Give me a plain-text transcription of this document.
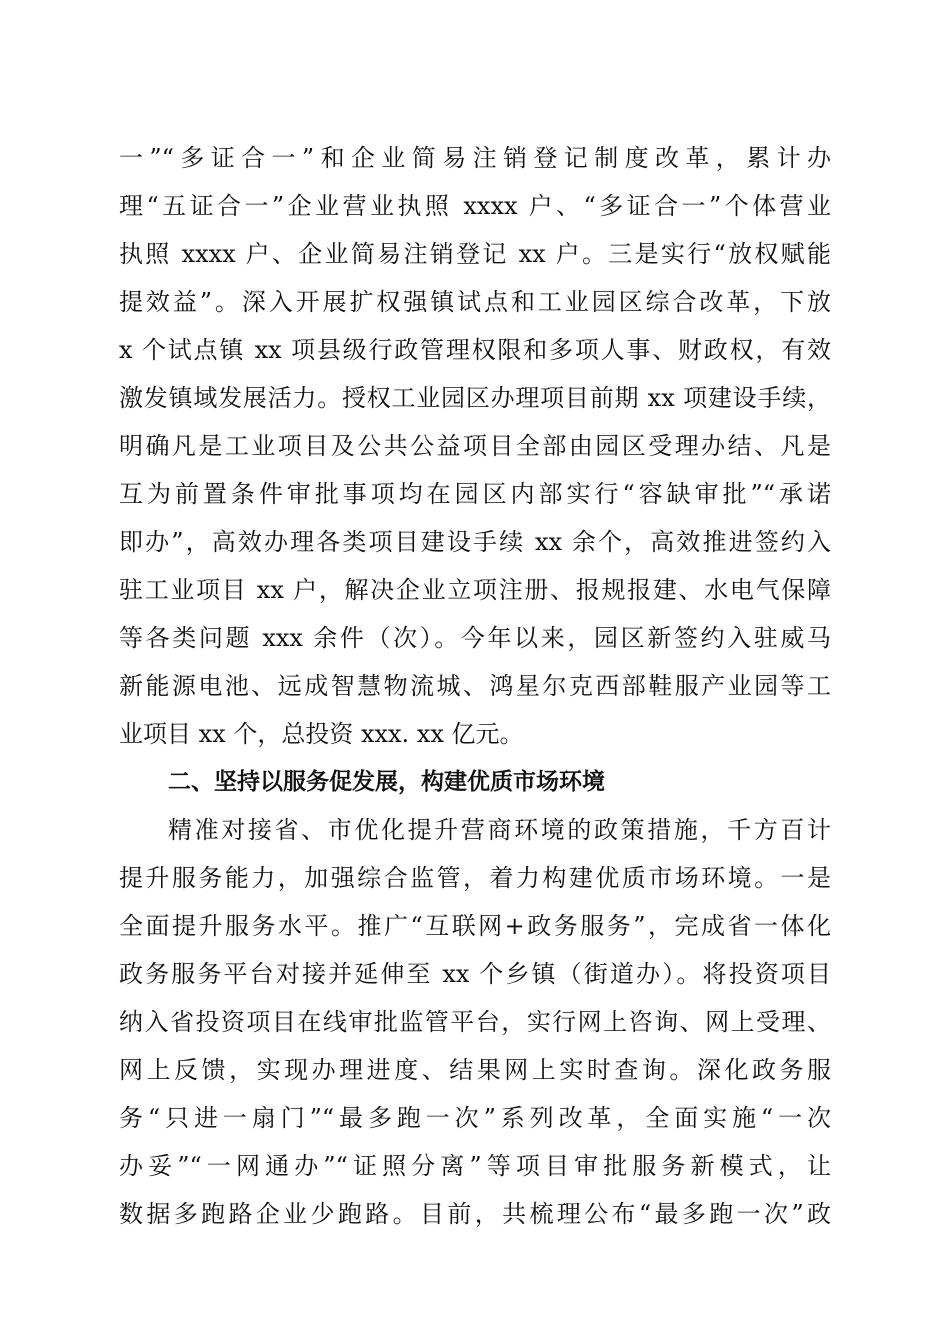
一”“多证合一”和企业简易注销登记制度改革，累计办
理“五证合一”企业营业执照 xxxx 户、“多证合一”个体营业
执照 xxxx 户、企业简易注销登记 xx 户。三是实行“放权赋能
提效益”。深入开展扩权强镇试点和工业园区综合改革，下放
x 个试点镇 xx 项县级行政管理权限和多项人事、财政权，有效
激发镇域发展活力。授权工业园区办理项目前期 xx 项建设手续，
明确凡是工业项目及公共公益项目全部由园区受理办结、凡是
互为前置条件审批事项均在园区内部实行“容缺审批”“承诺
即办”，高效办理各类项目建设手续 xx 余个，高效推进签约入
驻工业项目 xx 户，解决企业立项注册、报规报建、水电气保障
等各类问题 xxx 余件（次）。今年以来，园区新签约入驻威马
新能源电池、远成智慧物流城、鸿星尔克西部鞋服产业园等工
业项目 xx 个，总投资 xxx. xx 亿元。
二、坚持以服务促发展，构建优质市场环境
精准对接省、市优化提升营商环境的政策措施，千方百计
提升服务能力，加强综合监管，着力构建优质市场环境。一是
全面提升服务水平。推广“互联网+政务服务”，完成省一体化
政务服务平台对接并延伸至 xx 个乡镇（街道办）。将投资项目
纳入省投资项目在线审批监管平台，实行网上咨询、网上受理、
网上反馈，实现办理进度、结果网上实时查询。深化政务服
务“只进一扇门”“最多跑一次”系列改革，全面实施“一次
办妥”“一网通办”“证照分离”等项目审批服务新模式，让
数据多跑路企业少跑路。目前，共梳理公布“最多跑一次”政
